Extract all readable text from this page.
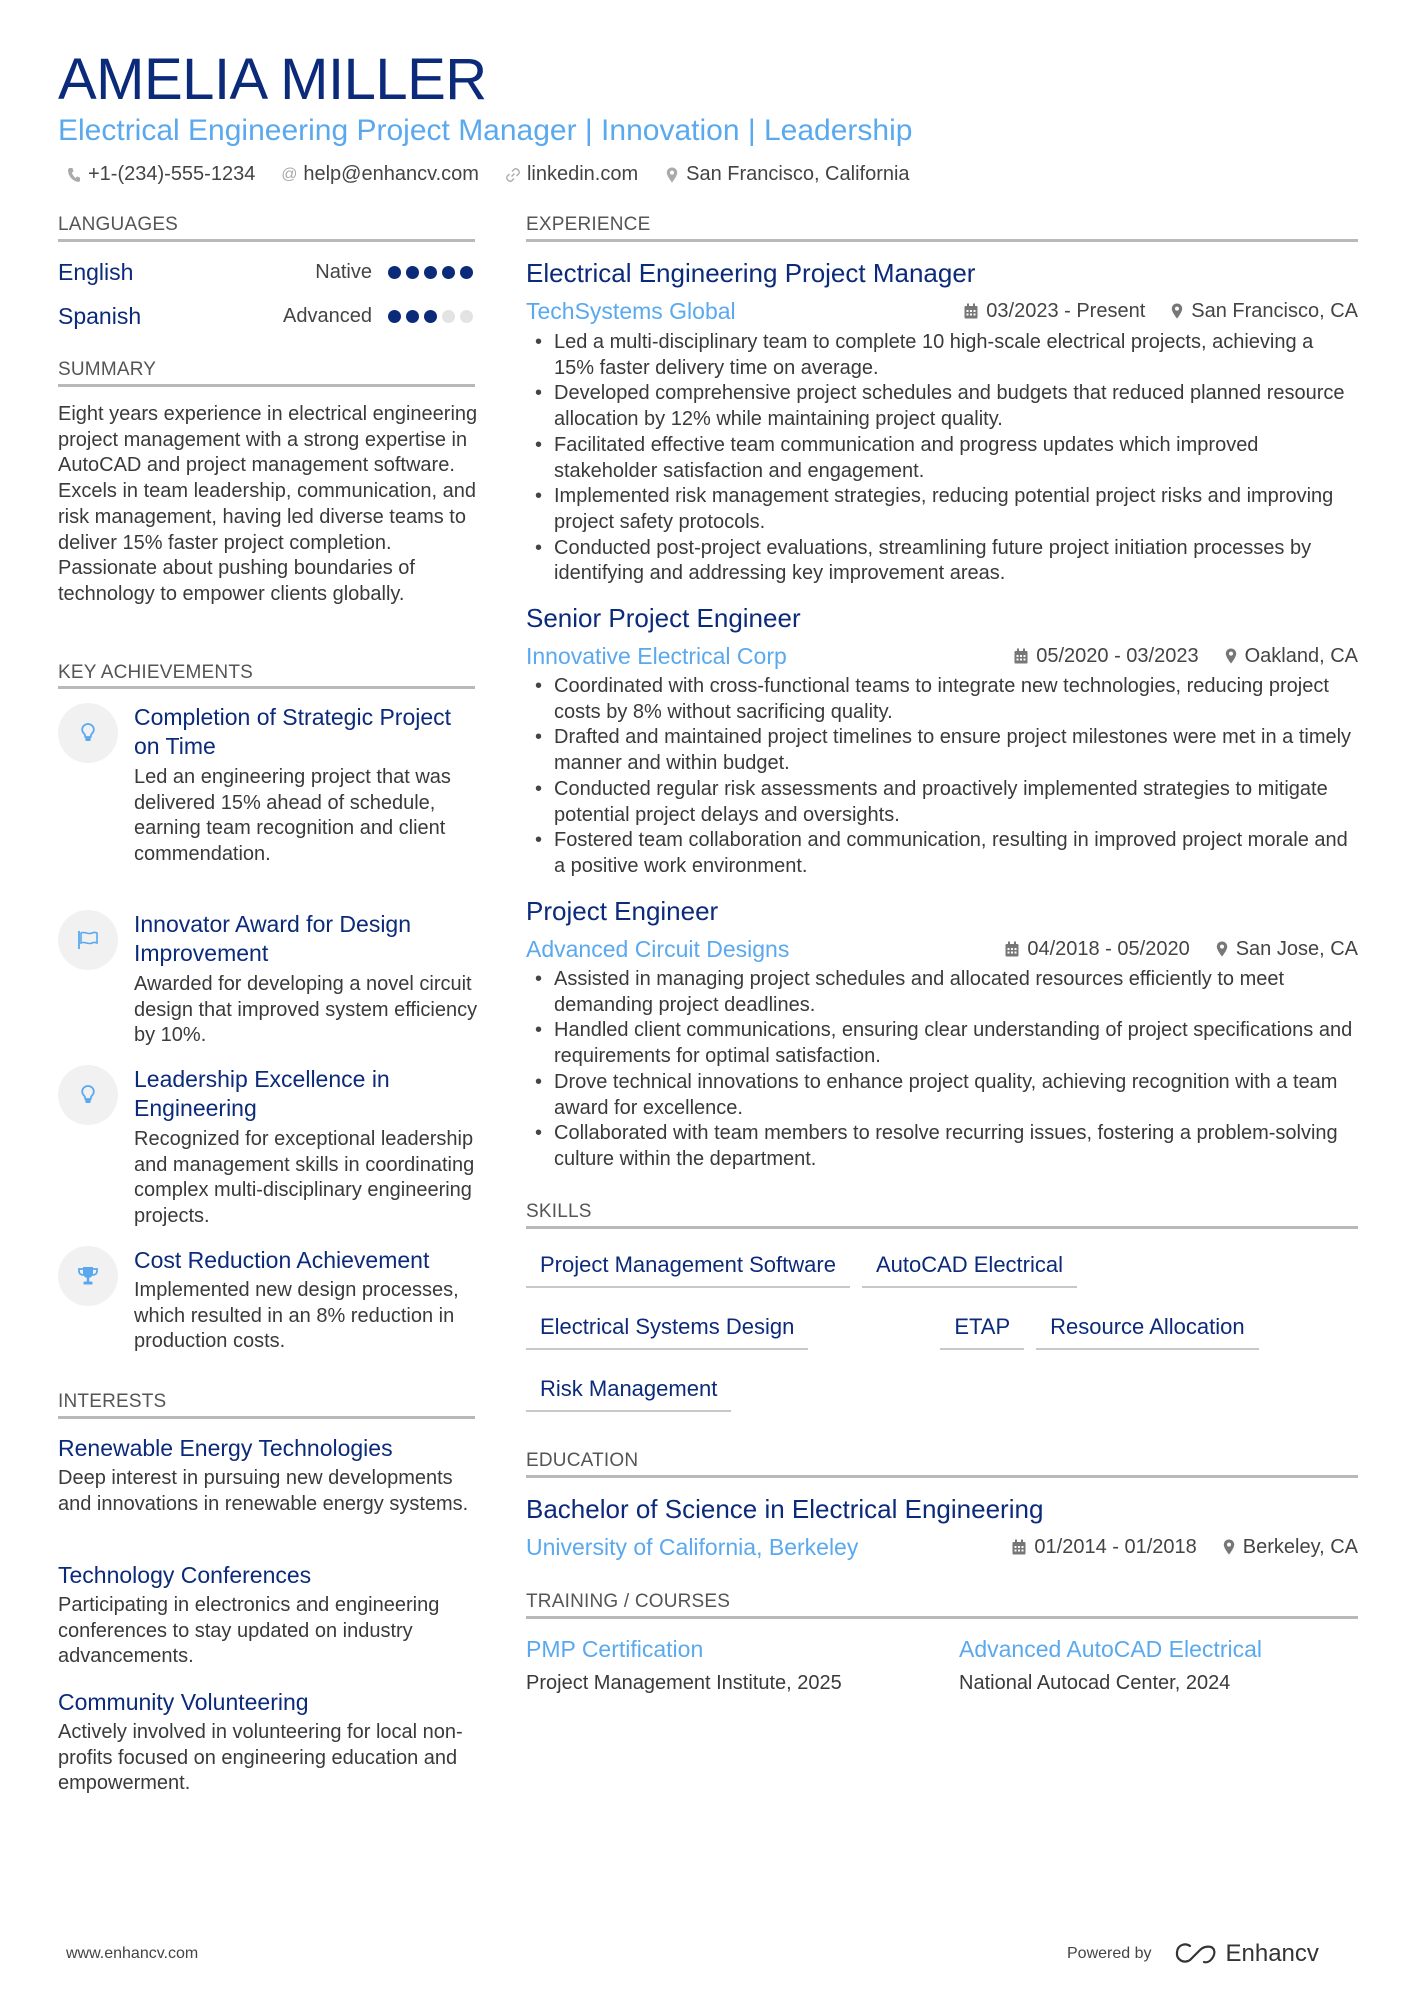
AMELIA MILLER
Electrical Engineering Project Manager | Innovation | Leadership
+1-(234)-555-1234 @ help@enhancv.com linkedin.com San Francisco, California
LANGUAGES
English	Native
Spanish	Advanced
SUMMARY
Eight years experience in electrical engineering project management with a strong expertise in AutoCAD and project management software. Excels in team leadership, communication, and risk management, having led diverse teams to deliver 15% faster project completion. Passionate about pushing boundaries of technology to empower clients globally.
KEY ACHIEVEMENTS
Completion of Strategic Project on Time
Led an engineering project that was delivered 15% ahead of schedule, earning team recognition and client commendation.
Innovator Award for Design Improvement
Awarded for developing a novel circuit design that improved system efficiency by 10%.
Leadership Excellence in Engineering
Recognized for exceptional leadership and management skills in coordinating complex multi-disciplinary engineering projects.
Cost Reduction Achievement
Implemented new design processes, which resulted in an 8% reduction in production costs.
INTERESTS
Renewable Energy Technologies
Deep interest in pursuing new developments and innovations in renewable energy systems.
Technology Conferences
Participating in electronics and engineering conferences to stay updated on industry advancements.
Community Volunteering
Actively involved in volunteering for local non-profits focused on engineering education and empowerment.
EXPERIENCE
Electrical Engineering Project Manager
TechSystems Global	03/2023 - Present San Francisco, CA
• Led a multi-disciplinary team to complete 10 high-scale electrical projects, achieving a 15% faster delivery time on average.
• Developed comprehensive project schedules and budgets that reduced planned resource allocation by 12% while maintaining project quality.
• Facilitated effective team communication and progress updates which improved stakeholder satisfaction and engagement.
• Implemented risk management strategies, reducing potential project risks and improving project safety protocols.
• Conducted post-project evaluations, streamlining future project initiation processes by identifying and addressing key improvement areas.
Senior Project Engineer
Innovative Electrical Corp	05/2020 - 03/2023 Oakland, CA
• Coordinated with cross-functional teams to integrate new technologies, reducing project costs by 8% without sacrificing quality.
• Drafted and maintained project timelines to ensure project milestones were met in a timely manner and within budget.
• Conducted regular risk assessments and proactively implemented strategies to mitigate potential project delays and oversights.
• Fostered team collaboration and communication, resulting in improved project morale and a positive work environment.
Project Engineer
Advanced Circuit Designs	04/2018 - 05/2020 San Jose, CA
• Assisted in managing project schedules and allocated resources efficiently to meet demanding project deadlines.
• Handled client communications, ensuring clear understanding of project specifications and requirements for optimal satisfaction.
• Drove technical innovations to enhance project quality, achieving recognition with a team award for excellence.
• Collaborated with team members to resolve recurring issues, fostering a problem-solving culture within the department.
SKILLS
Project Management Software	AutoCAD Electrical
Electrical Systems Design	ETAP	Resource Allocation
Risk Management
EDUCATION
Bachelor of Science in Electrical Engineering
University of California, Berkeley	01/2014 - 01/2018 Berkeley, CA
TRAINING / COURSES
PMP Certification
Project Management Institute, 2025
Advanced AutoCAD Electrical
National Autocad Center, 2024
www.enhancv.com	Powered by	Enhancv
